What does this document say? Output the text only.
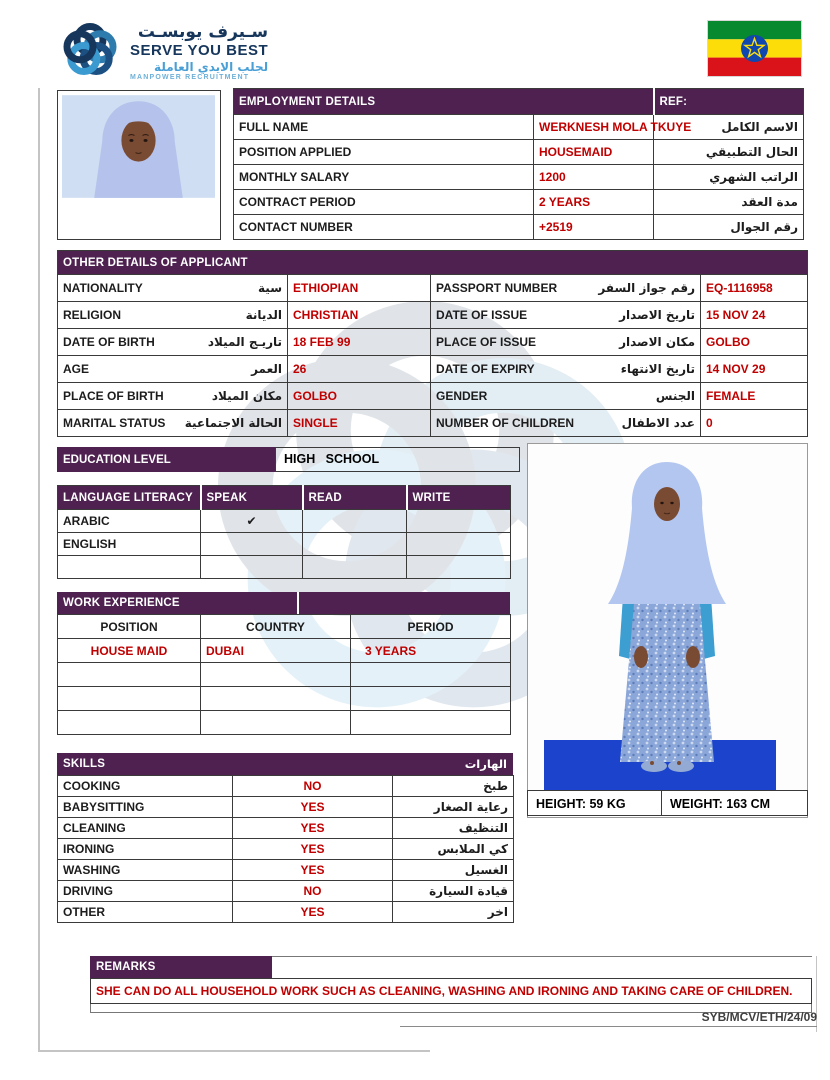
سـيرف يوبسـت
SERVE YOU BEST
لجلب الايدي العاملة
MANPOWER RECRUITMENT
EMPLOYMENT DETAILS		REF:
FULL NAME	WERKNESH MOLA TKUYE	الاسم الكامل
POSITION APPLIED	HOUSEMAID	الحال التطبيقي
MONTHLY SALARY	1200	الراتب الشهري
CONTRACT PERIOD	2 YEARS	مدة العقد
CONTACT NUMBER	+2519	رقم الجوال
OTHER DETAILS OF APPLICANT			

NATIONALITY سية	ETHIOPIAN	PASSPORT NUMBER رقم جواز السفر	EQ-1116958

RELIGION الديانة	CHRISTIAN	DATE OF ISSUE تاريخ الاصدار	15 NOV 24

DATE OF BIRTH تاريـج الميلاد	18 FEB 99	PLACE OF ISSUE مكان الاصدار	GOLBO

AGE العمر	26	DATE OF EXPIRY تاريخ الانتهاء	14 NOV 29

PLACE OF BIRTH مكان الميلاد	GOLBO	GENDER الجنس	FEMALE

MARITAL STATUS الحالة الاجتماعية	SINGLE	NUMBER OF CHILDREN عدد الاطفال	0
EDUCATION LEVEL	HIGH   SCHOOL
LANGUAGE LITERACY	SPEAK	READ	WRITE
ARABIC	✔		
ENGLISH			

WORK EXPERIENCE
POSITION	COUNTRY	PERIOD
HOUSE MAID	DUBAI	3 YEARS

SKILLS	الهارات
COOKING	NO	طبخ
BABYSITTING	YES	رعاية الصغار
CLEANING	YES	التنظيف
IRONING	YES	كي الملابس
WASHING	YES	الغسيل
DRIVING	NO	قيادة السيارة
OTHER	YES	اخر
HEIGHT: 59 KG	WEIGHT: 163 CM
REMARKS
SHE CAN DO ALL HOUSEHOLD WORK SUCH AS CLEANING, WASHING AND IRONING AND TAKING CARE OF CHILDREN.
SYB/MCV/ETH/24/09
